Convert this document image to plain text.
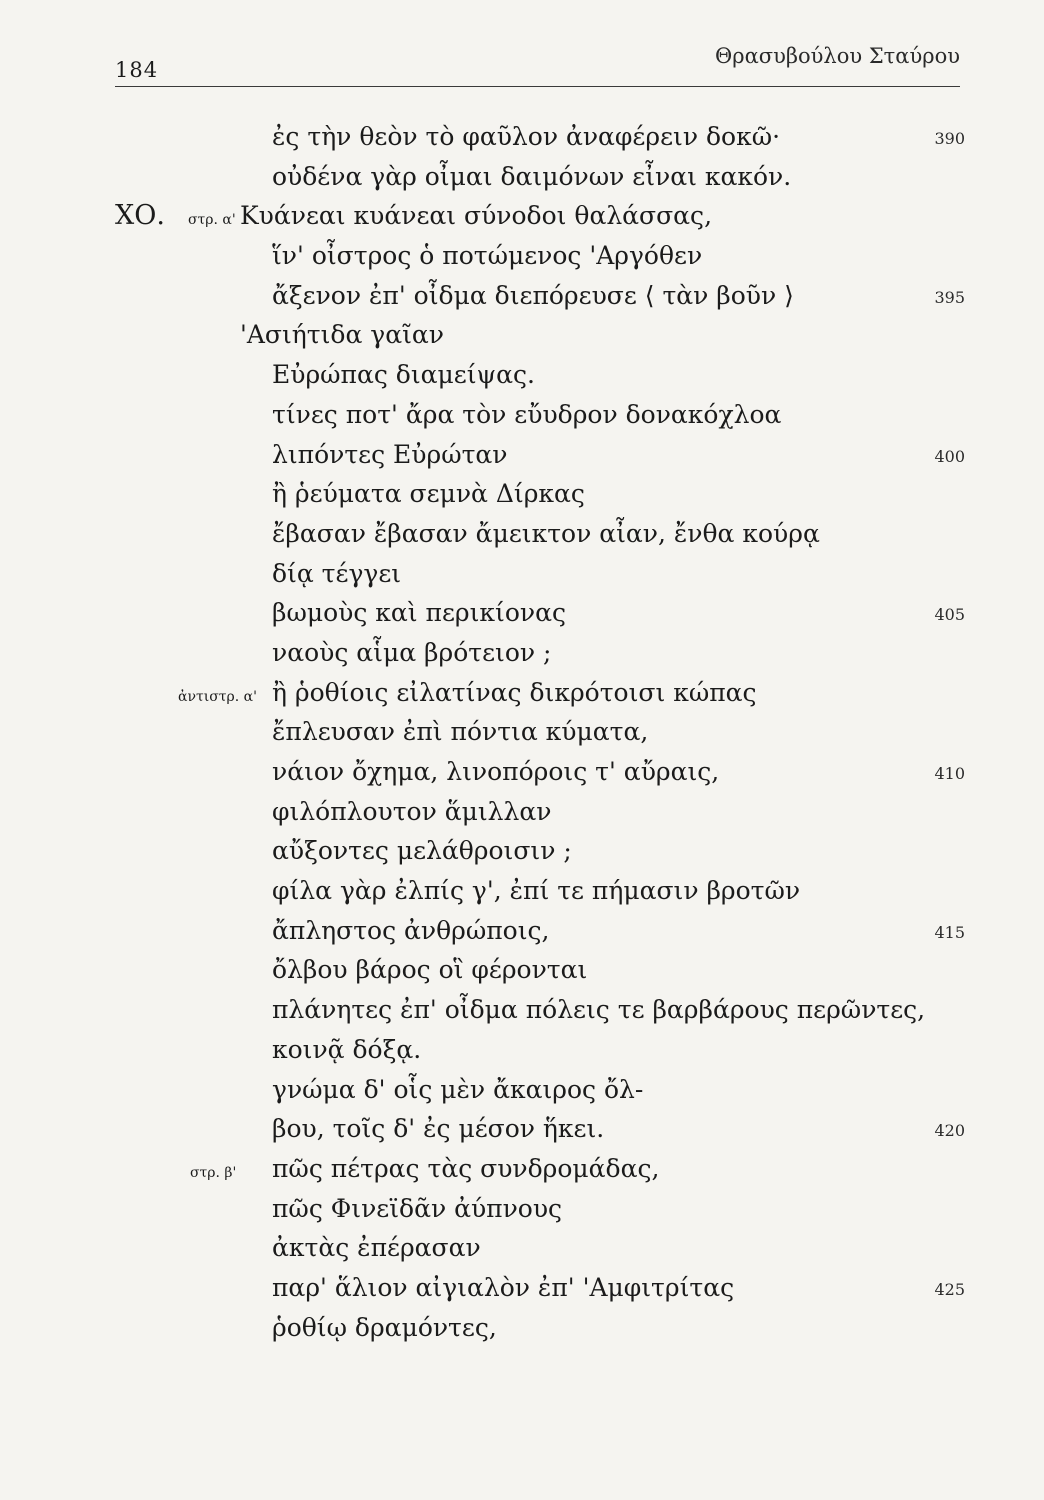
184
Θρασυβούλου Σταύρου
ἐς τὴν θεὸν τὸ φαῦλον ἀναφέρειν δοκῶ·	390
οὐδένα γὰρ οἶμαι δαιμόνων εἶναι κακόν.
ΧΟ. στρ. α' Κυάνεαι κυάνεαι σύνοδοι θαλάσσας,
ἵν' οἶστρος ὁ ποτώμενος 'Αργόθεν
ἄξενον ἐπ' οἶδμα διεπόρευσε ⟨ τὰν βοῦν ⟩	395
'Ασιήτιδα γαῖαν
Εὐρώπας διαμείψας.
τίνες ποτ' ἄρα τὸν εὔυδρον δονακόχλοα
λιπόντες Εὐρώταν	400
ἢ ῥεύματα σεμνὰ Δίρκας
ἔβασαν ἔβασαν ἄμεικτον αἶαν, ἔνθα κούρᾳ
δίᾳ τέγγει
βωμοὺς καὶ περικίονας	405
ναοὺς αἷμα βρότειον ;
ἀντιστρ. α' ἢ ῥοθίοις εἰλατίνας δικρότοισι κώπας
ἔπλευσαν ἐπὶ πόντια κύματα,
νάιον ὄχημα, λινοπόροις τ' αὔραις,	410
φιλόπλουτον ἅμιλλαν
αὔξοντες μελάθροισιν ;
φίλα γὰρ ἐλπίς γ', ἐπί τε πήμασιν βροτῶν
ἄπληστος ἀνθρώποις,	415
ὄλβου βάρος οἳ φέρονται
πλάνητες ἐπ' οἶδμα πόλεις τε βαρβάρους περῶντες,
κοινᾷ δόξᾳ.
γνώμα δ' οἷς μὲν ἄκαιρος ὄλ-
βου, τοῖς δ' ἐς μέσον ἥκει.	420
στρ. β' πῶς πέτρας τὰς συνδρομάδας,
πῶς Φινεϊδᾶν ἀύπνους
ἀκτὰς ἐπέρασαν
παρ' ἅλιον αἰγιαλὸν ἐπ' 'Αμφιτρίτας	425
ῥοθίῳ δραμόντες,
